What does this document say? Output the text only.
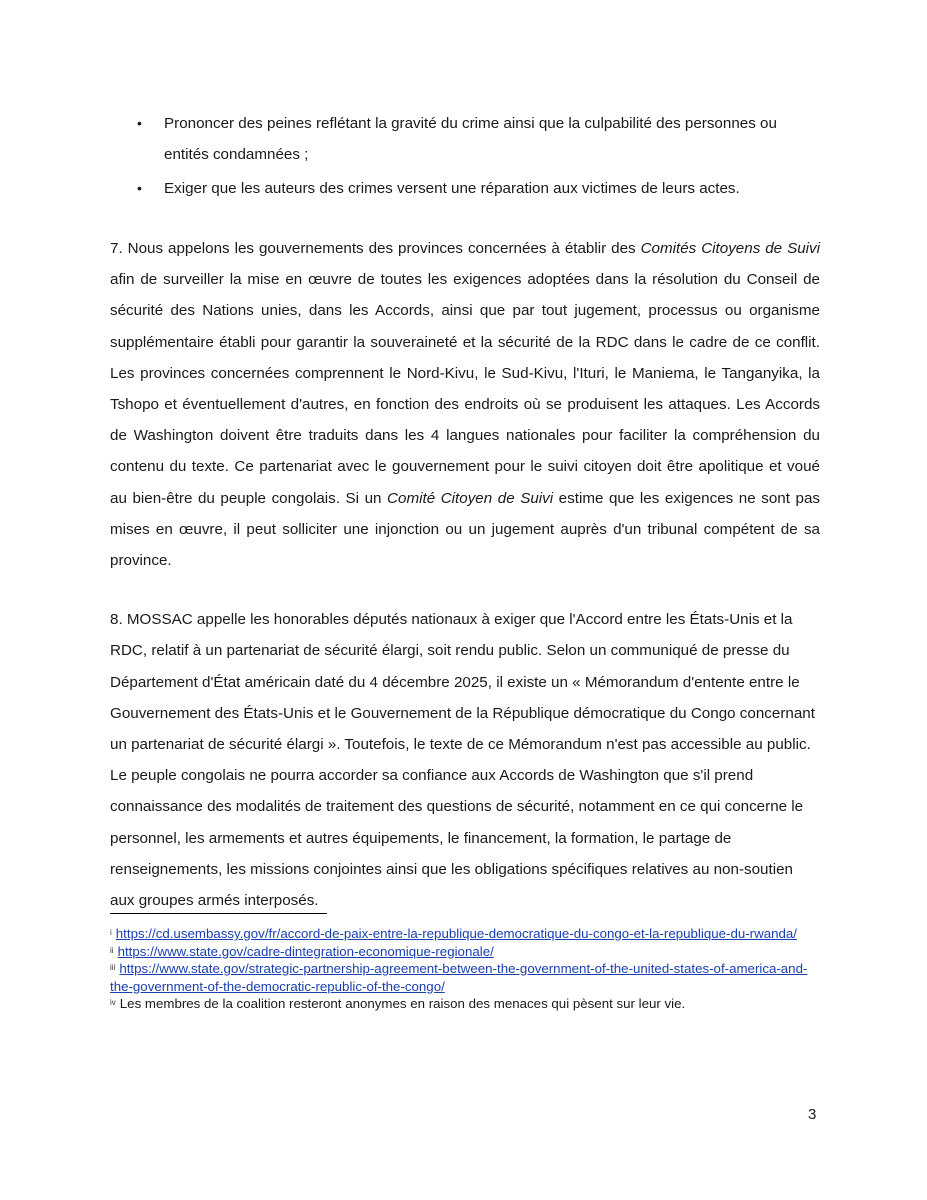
• Prononcer des peines reflétant la gravité du crime ainsi que la culpabilité des personnes ou entités condamnées ;
• Exiger que les auteurs des crimes versent une réparation aux victimes de leurs actes.

7. Nous appelons les gouvernements des provinces concernées à établir des Comités Citoyens de Suivi afin de surveiller la mise en œuvre de toutes les exigences adoptées dans la résolution du Conseil de sécurité des Nations unies, dans les Accords, ainsi que par tout jugement, processus ou organisme supplémentaire établi pour garantir la souveraineté et la sécurité de la RDC dans le cadre de ce conflit. Les provinces concernées comprennent le Nord-Kivu, le Sud-Kivu, l'Ituri, le Maniema, le Tanganyika, la Tshopo et éventuellement d'autres, en fonction des endroits où se produisent les attaques. Les Accords de Washington doivent être traduits dans les 4 langues nationales pour faciliter la compréhension du contenu du texte. Ce partenariat avec le gouvernement pour le suivi citoyen doit être apolitique et voué au bien-être du peuple congolais. Si un Comité Citoyen de Suivi estime que les exigences ne sont pas mises en œuvre, il peut solliciter une injonction ou un jugement auprès d'un tribunal compétent de sa province.

8. MOSSAC appelle les honorables députés nationaux à exiger que l'Accord entre les États-Unis et la RDC, relatif à un partenariat de sécurité élargi, soit rendu public. Selon un communiqué de presse du Département d'État américain daté du 4 décembre 2025, il existe un « Mémorandum d'entente entre le Gouvernement des États-Unis et le Gouvernement de la République démocratique du Congo concernant un partenariat de sécurité élargi ». Toutefois, le texte de ce Mémorandum n'est pas accessible au public. Le peuple congolais ne pourra accorder sa confiance aux Accords de Washington que s'il prend connaissance des modalités de traitement des questions de sécurité, notamment en ce qui concerne le personnel, les armements et autres équipements, le financement, la formation, le partage de renseignements, les missions conjointes ainsi que les obligations spécifiques relatives au non-soutien aux groupes armés interposés.

$^i$ https://cd.usembassy.gov/fr/accord-de-paix-entre-la-republique-democratique-du-congo-et-la-republique-du-rwanda/
$^{ii}$ https://www.state.gov/cadre-dintegration-economique-regionale/
$^{iii}$ https://www.state.gov/strategic-partnership-agreement-between-the-government-of-the-united-states-of-america-and-the-government-of-the-democratic-republic-of-the-congo/
$^{iv}$ Les membres de la coalition resteront anonymes en raison des menaces qui pèsent sur leur vie.
3
